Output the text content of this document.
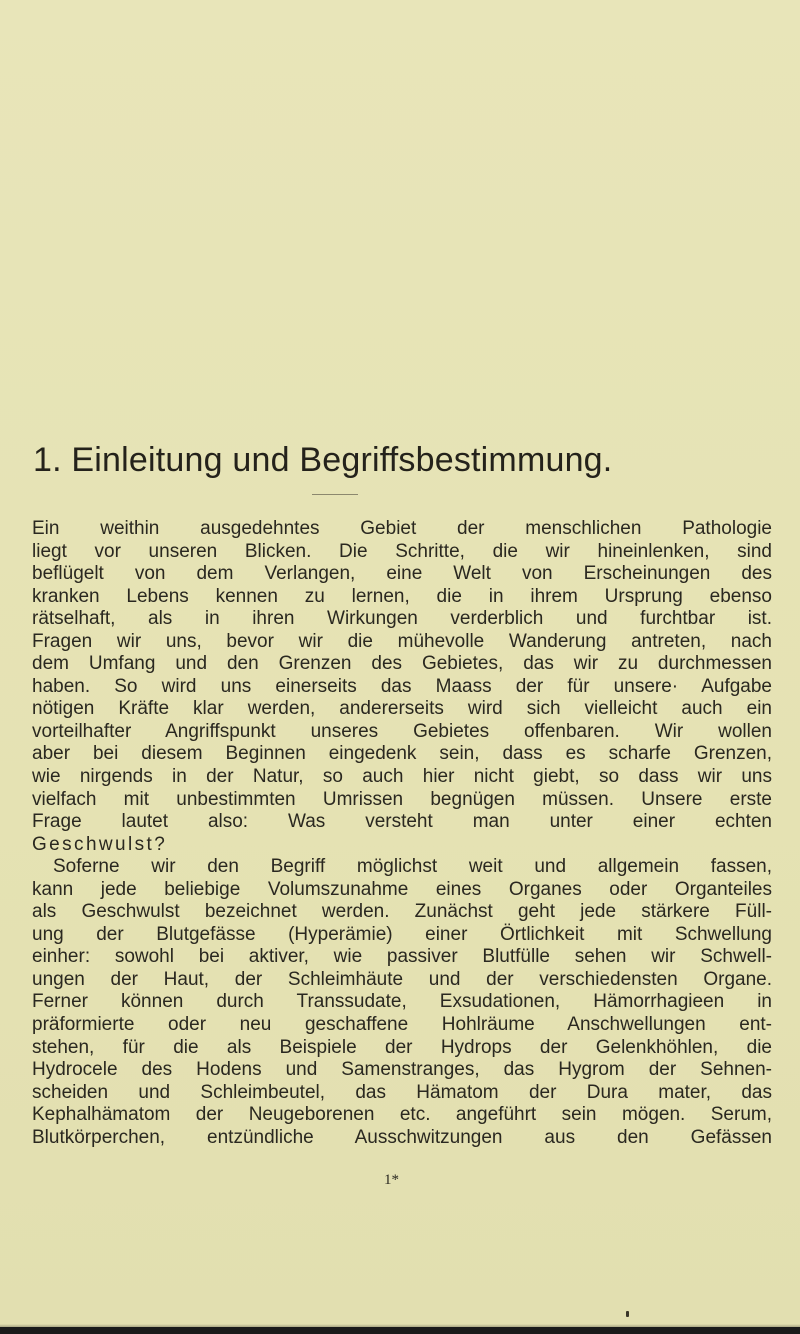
1. Einleitung und Begriffsbestimmung.
Ein weithin ausgedehntes Gebiet der menschlichen Pathologie
liegt vor unseren Blicken. Die Schritte, die wir hineinlenken, sind
beflügelt von dem Verlangen, eine Welt von Erscheinungen des
kranken Lebens kennen zu lernen, die in ihrem Ursprung ebenso
rätselhaft, als in ihren Wirkungen verderblich und furchtbar ist.
Fragen wir uns, bevor wir die mühevolle Wanderung antreten, nach
dem Umfang und den Grenzen des Gebietes, das wir zu durchmessen
haben. So wird uns einerseits das Maass der für unsere· Aufgabe
nötigen Kräfte klar werden, andererseits wird sich vielleicht auch ein
vorteilhafter Angriffspunkt unseres Gebietes offenbaren. Wir wollen
aber bei diesem Beginnen eingedenk sein, dass es scharfe Grenzen,
wie nirgends in der Natur, so auch hier nicht giebt, so dass wir uns
vielfach mit unbestimmten Umrissen begnügen müssen. Unsere erste
Frage lautet also: Was versteht man unter einer echten
Geschwulst?
Soferne wir den Begriff möglichst weit und allgemein fassen,
kann jede beliebige Volumszunahme eines Organes oder Organteiles
als Geschwulst bezeichnet werden. Zunächst geht jede stärkere Füll-
ung der Blutgefässe (Hyperämie) einer Örtlichkeit mit Schwellung
einher: sowohl bei aktiver, wie passiver Blutfülle sehen wir Schwell-
ungen der Haut, der Schleimhäute und der verschiedensten Organe.
Ferner können durch Transsudate, Exsudationen, Hämorrhagieen in
präformierte oder neu geschaffene Hohlräume Anschwellungen ent-
stehen, für die als Beispiele der Hydrops der Gelenkhöhlen, die
Hydrocele des Hodens und Samenstranges, das Hygrom der Sehnen-
scheiden und Schleimbeutel, das Hämatom der Dura mater, das
Kephalhämatom der Neugeborenen etc. angeführt sein mögen. Serum,
Blutkörperchen, entzündliche Ausschwitzungen aus den Gefässen
1*
